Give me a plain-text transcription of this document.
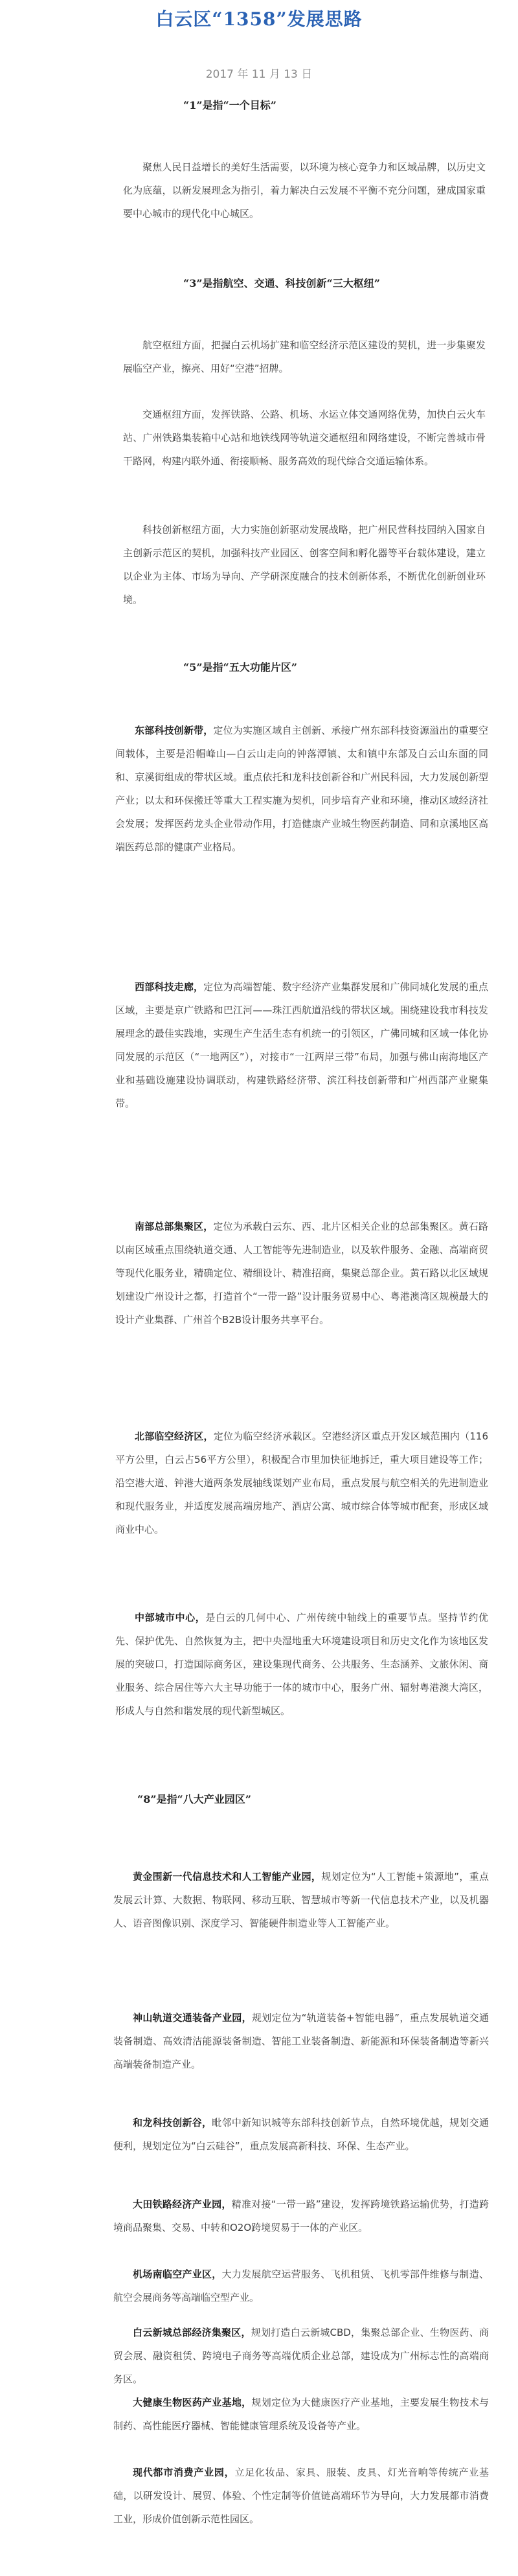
白云区“1358”发展思路
2017 年 11 月 13 日
“1”是指“一个目标”

聚焦人民日益增长的美好生活需要，以环境为核心竞争力和区域品牌，以历史文化为底蕴，以新发展理念为指引，着力解决白云发展不平衡不充分问题，建成国家重要中心城市的现代化中心城区。

“3”是指航空、交通、科技创新“三大枢纽”

航空枢纽方面，把握白云机场扩建和临空经济示范区建设的契机，进一步集聚发展临空产业，擦亮、用好“空港”招牌。

交通枢纽方面，发挥铁路、公路、机场、水运立体交通网络优势，加快白云火车站、广州铁路集装箱中心站和地铁线网等轨道交通枢纽和网络建设，不断完善城市骨干路网，构建内联外通、衔接顺畅、服务高效的现代综合交通运输体系。

科技创新枢纽方面，大力实施创新驱动发展战略，把广州民营科技园纳入国家自主创新示范区的契机，加强科技产业园区、创客空间和孵化器等平台载体建设，建立以企业为主体、市场为导向、产学研深度融合的技术创新体系，不断优化创新创业环境。

“5”是指“五大功能片区”

东部科技创新带，定位为实施区域自主创新、承接广州东部科技资源溢出的重要空间载体，主要是沿帽峰山—白云山走向的钟落潭镇、太和镇中东部及白云山东面的同和、京溪街组成的带状区域。重点依托和龙科技创新谷和广州民科园，大力发展创新型产业；以太和环保搬迁等重大工程实施为契机，同步培育产业和环境，推动区域经济社会发展；发挥医药龙头企业带动作用，打造健康产业城生物医药制造、同和京溪地区高端医药总部的健康产业格局。

西部科技走廊，定位为高端智能、数字经济产业集群发展和广佛同城化发展的重点区域，主要是京广铁路和巴江河——珠江西航道沿线的带状区域。围绕建设我市科技发展理念的最佳实践地，实现生产生活生态有机统一的引领区，广佛同城和区域一体化协同发展的示范区（“一地两区”），对接市“一江两岸三带”布局，加强与佛山南海地区产业和基础设施建设协调联动，构建铁路经济带、滨江科技创新带和广州西部产业聚集带。

南部总部集聚区，定位为承载白云东、西、北片区相关企业的总部集聚区。黄石路以南区域重点围绕轨道交通、人工智能等先进制造业，以及软件服务、金融、高端商贸等现代化服务业，精确定位、精细设计、精准招商，集聚总部企业。黄石路以北区域规划建设广州设计之都，打造首个“一带一路”设计服务贸易中心、粤港澳湾区规模最大的设计产业集群、广州首个B2B设计服务共享平台。

北部临空经济区，定位为临空经济承载区。空港经济区重点开发区域范围内（116平方公里，白云占56平方公里），积极配合市里加快征地拆迁，重大项目建设等工作；沿空港大道、钟港大道两条发展轴线谋划产业布局，重点发展与航空相关的先进制造业和现代服务业，并适度发展高端房地产、酒店公寓、城市综合体等城市配套，形成区域商业中心。

中部城市中心，是白云的几何中心、广州传统中轴线上的重要节点。坚持节约优先、保护优先、自然恢复为主，把中央湿地重大环境建设项目和历史文化作为该地区发展的突破口，打造国际商务区，建设集现代商务、公共服务、生态涵养、文旅休闲、商业服务、综合居住等六大主导功能于一体的城市中心，服务广州、辐射粤港澳大湾区，形成人与自然和谐发展的现代新型城区。

“8”是指“八大产业园区”

黄金围新一代信息技术和人工智能产业园，规划定位为“人工智能+策源地”，重点发展云计算、大数据、物联网、移动互联、智慧城市等新一代信息技术产业，以及机器人、语音图像识别、深度学习、智能硬件制造业等人工智能产业。

神山轨道交通装备产业园，规划定位为“轨道装备+智能电器”，重点发展轨道交通装备制造、高效清洁能源装备制造、智能工业装备制造、新能源和环保装备制造等新兴高端装备制造产业。

和龙科技创新谷，毗邻中新知识城等东部科技创新节点，自然环境优越，规划交通便利，规划定位为“白云硅谷”，重点发展高新科技、环保、生态产业。

大田铁路经济产业园，精准对接“一带一路”建设，发挥跨境铁路运输优势，打造跨境商品聚集、交易、中转和O2O跨境贸易于一体的产业区。

机场南临空产业区，大力发展航空运营服务、飞机租赁、飞机零部件维修与制造、航空会展商务等高端临空型产业。

白云新城总部经济集聚区，规划打造白云新城CBD，集聚总部企业、生物医药、商贸会展、融资租赁、跨境电子商务等高端优质企业总部，建设成为广州标志性的高端商务区。

大健康生物医药产业基地，规划定位为大健康医疗产业基地，主要发展生物技术与制药、高性能医疗器械、智能健康管理系统及设备等产业。

现代都市消费产业园，立足化妆品、家具、服装、皮具、灯光音响等传统产业基础，以研发设计、展贸、体验、个性定制等价值链高端环节为导向，大力发展都市消费工业，形成价值创新示范性园区。
